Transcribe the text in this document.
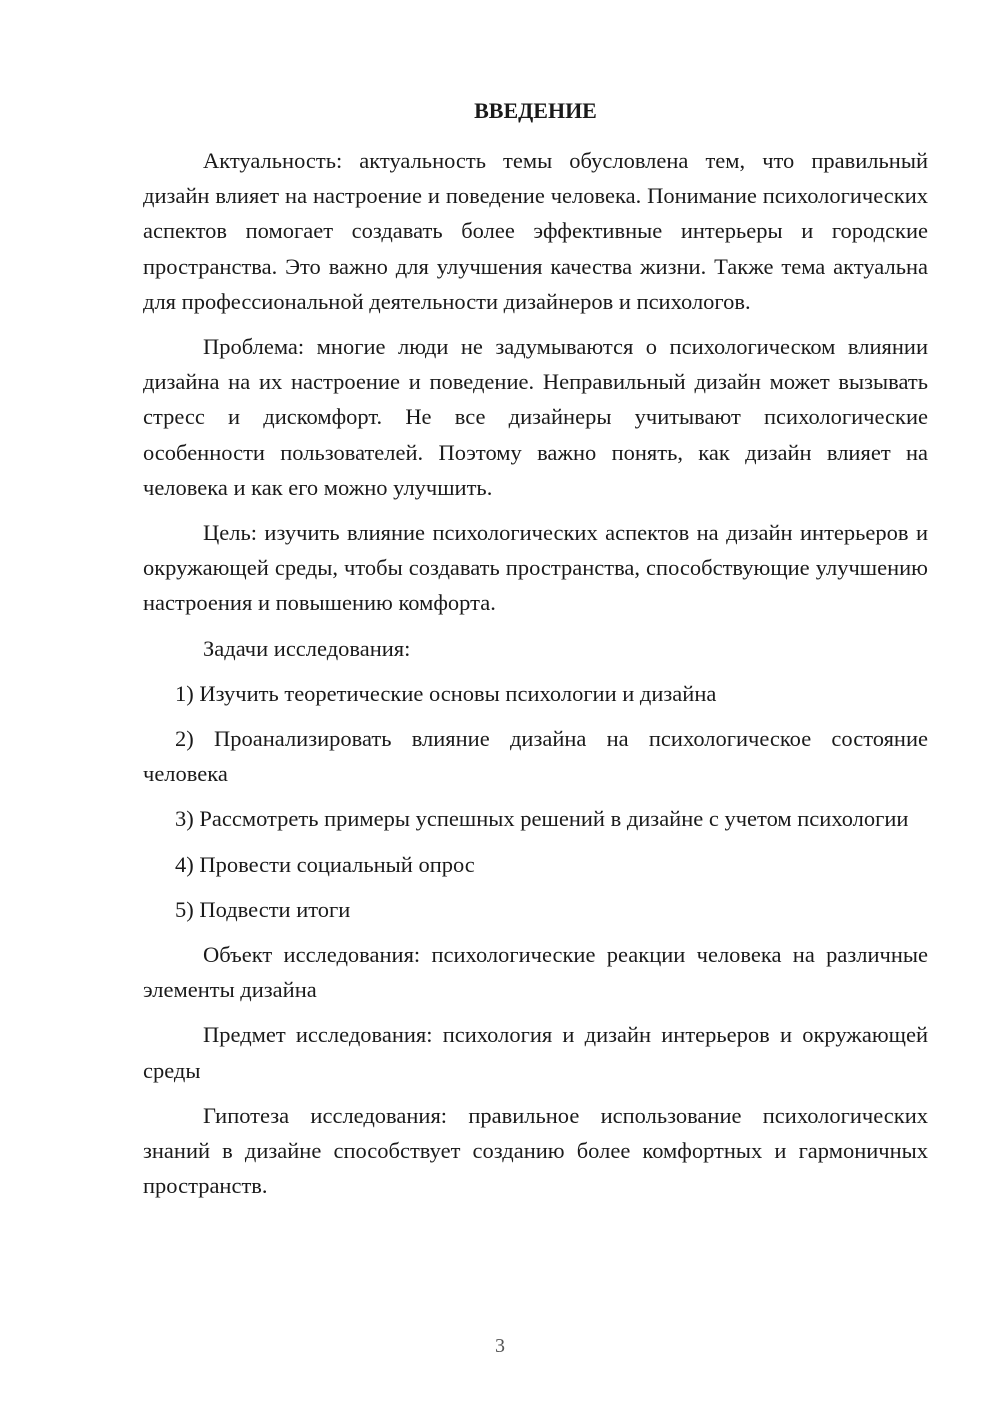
ВВЕДЕНИЕ

Актуальность: актуальность темы обусловлена тем, что правильный дизайн влияет на настроение и поведение человека. Понимание психологических аспектов помогает создавать более эффективные интерьеры и городские пространства. Это важно для улучшения качества жизни. Также тема актуальна для профессиональной деятельности дизайнеров и психологов.

Проблема: многие люди не задумываются о психологическом влиянии дизайна на их настроение и поведение. Неправильный дизайн может вызывать стресс и дискомфорт. Не все дизайнеры учитывают психологические особенности пользователей. Поэтому важно понять, как дизайн влияет на человека и как его можно улучшить.

Цель: изучить влияние психологических аспектов на дизайн интерьеров и окружающей среды, чтобы создавать пространства, способствующие улучшению настроения и повышению комфорта.

Задачи исследования:

1) Изучить теоретические основы психологии и дизайна

2) Проанализировать влияние дизайна на психологическое состояние человека

3) Рассмотреть примеры успешных решений в дизайне с учетом психологии

4) Провести социальный опрос

5) Подвести итоги

Объект исследования: психологические реакции человека на различные элементы дизайна

Предмет исследования: психология и дизайн интерьеров и окружающей среды

Гипотеза исследования: правильное использование психологических знаний в дизайне способствует созданию более комфортных и гармоничных пространств.

3
